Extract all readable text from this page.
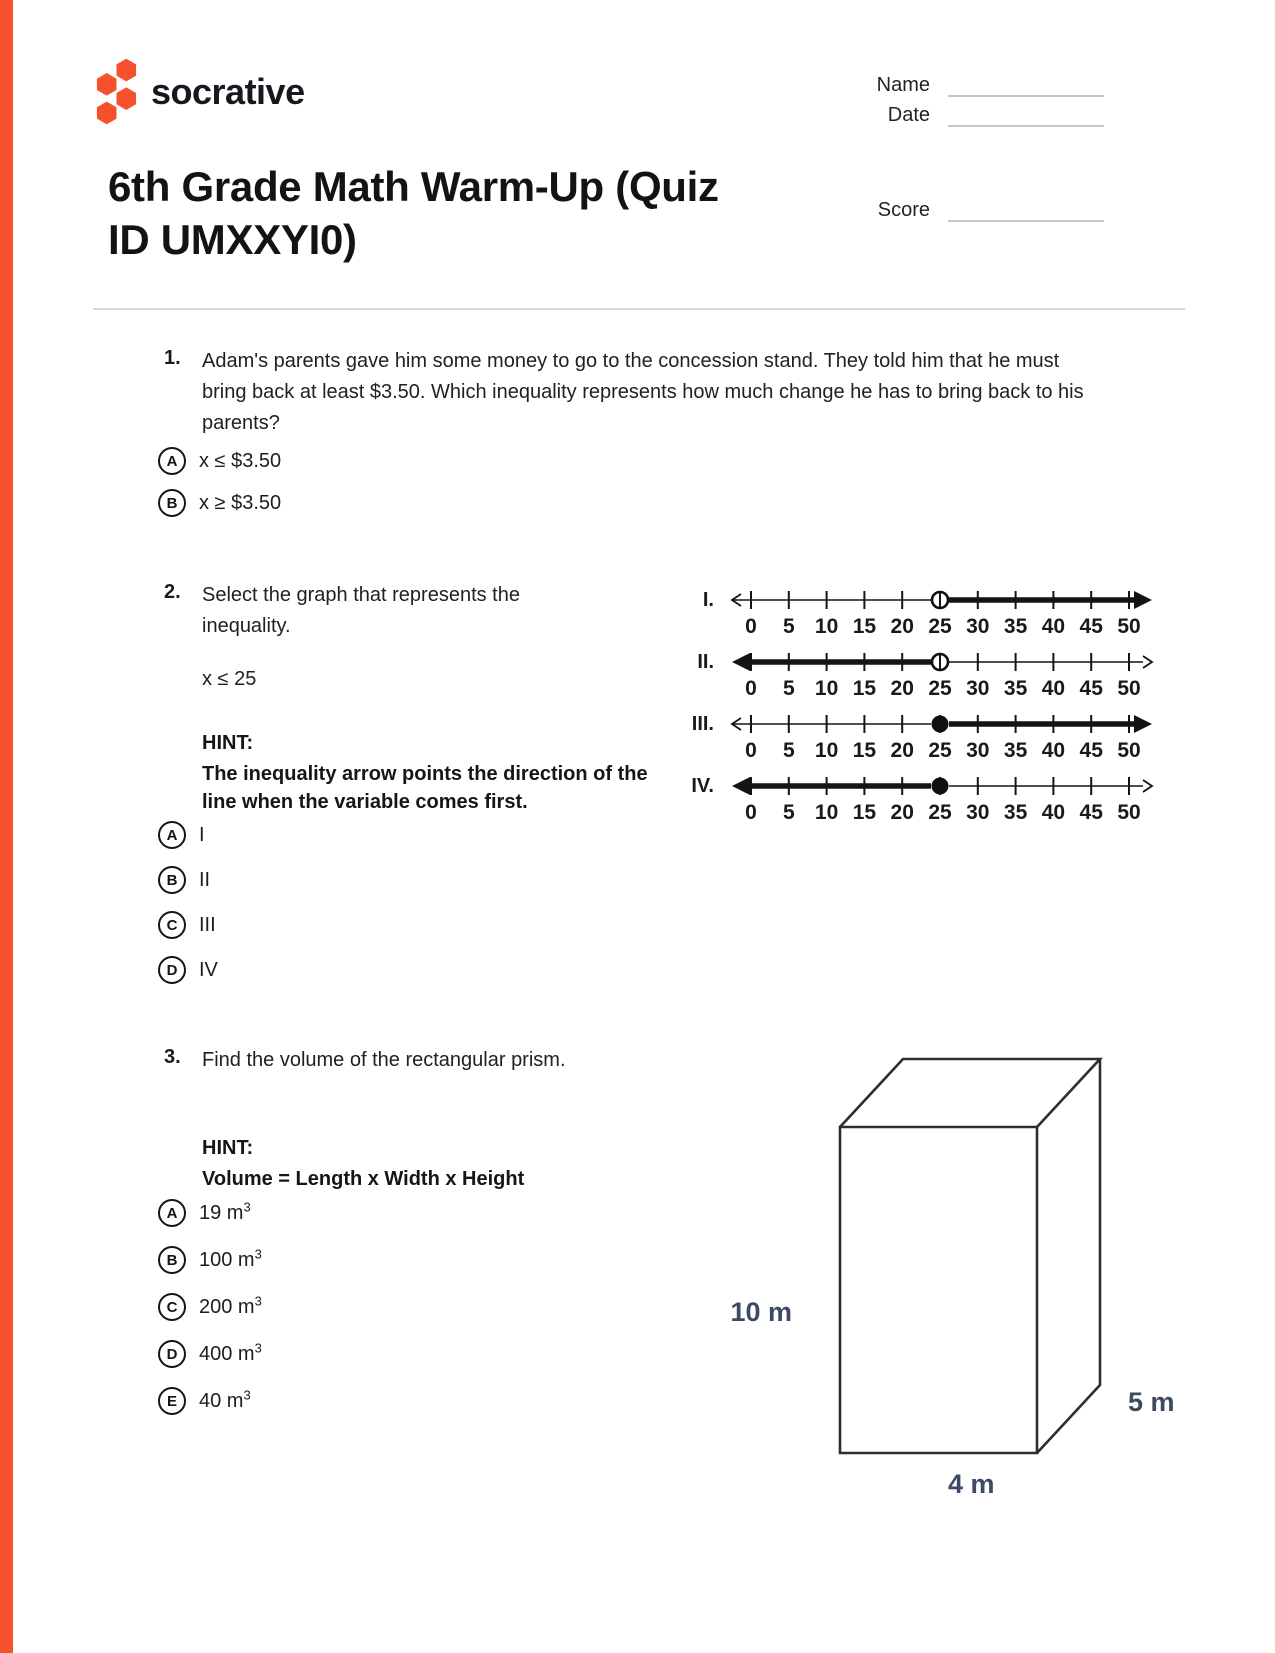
socrative	Name
Date
Score
6th Grade Math Warm-Up (Quiz
ID UMXXYI0)
1. Adam's parents gave him some money to go to the concession stand. They told him that he must bring back at least $3.50. Which inequality represents how much change he has to bring back to his parents?
A	x ≤ $3.50
B	x ≥ $3.50
2. Select the graph that represents the inequality.
x ≤ 25
HINT:
The inequality arrow points the direction of the line when the variable comes first.
A	I
B	II
C	III
D	IV
I.
0 5 10 15 20 25 30 35 40 45 50
II.
0 5 10 15 20 25 30 35 40 45 50
III.
0 5 10 15 20 25 30 35 40 45 50
IV.
0 5 10 15 20 25 30 35 40 45 50
3. Find the volume of the rectangular prism.
HINT:
Volume = Length x Width x Height
A	19 $m^3$
B	100 $m^3$
C	200 $m^3$
D	400 $m^3$
E	40 $m^3$
10 m
5 m
4 m
